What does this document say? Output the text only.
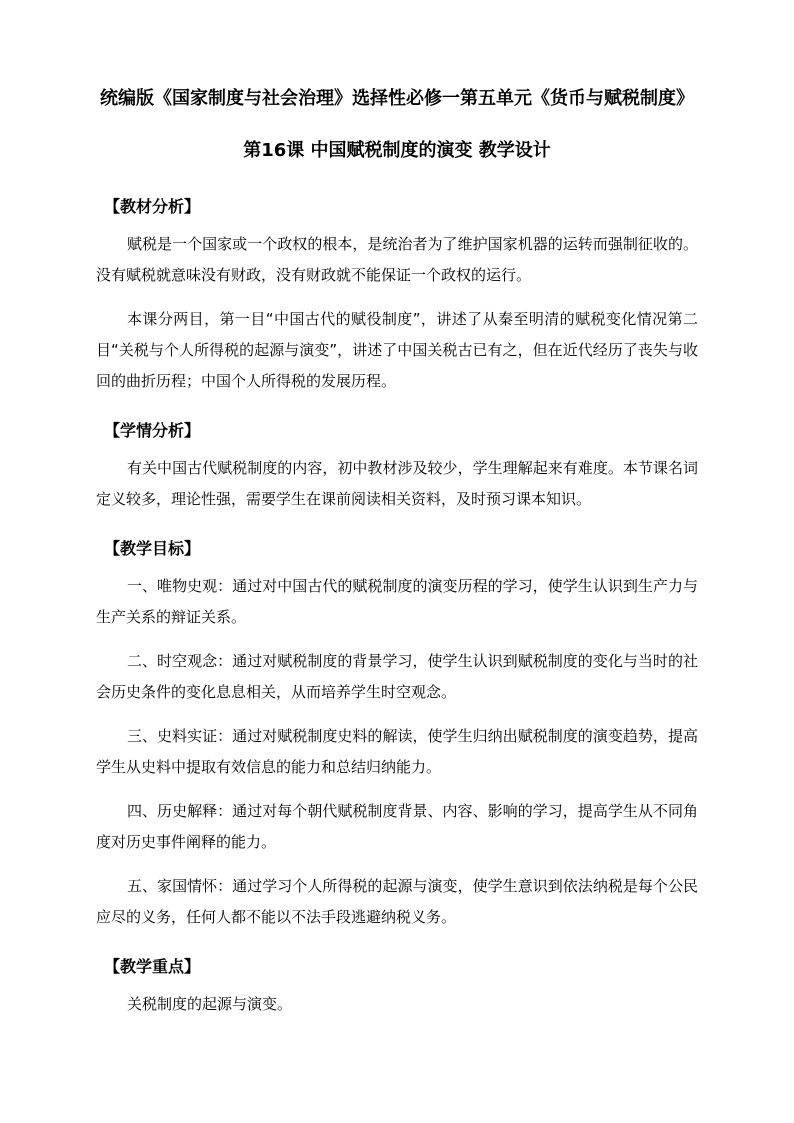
统编版《国家制度与社会治理》选择性必修一第五单元《货币与赋税制度》

第16课 中国赋税制度的演变 教学设计

【教材分析】

赋税是一个国家或一个政权的根本，是统治者为了维护国家机器的运转而强制征收的。没有赋税就意味没有财政，没有财政就不能保证一个政权的运行。

本课分两目，第一目“中国古代的赋役制度”，讲述了从秦至明清的赋税变化情况第二目“关税与个人所得税的起源与演变”，讲述了中国关税古已有之，但在近代经历了丧失与收回的曲折历程；中国个人所得税的发展历程。

【学情分析】

有关中国古代赋税制度的内容，初中教材涉及较少，学生理解起来有难度。本节课名词定义较多，理论性强，需要学生在课前阅读相关资料，及时预习课本知识。

【教学目标】

一、唯物史观：通过对中国古代的赋税制度的演变历程的学习，使学生认识到生产力与生产关系的辩证关系。

二、时空观念：通过对赋税制度的背景学习，使学生认识到赋税制度的变化与当时的社会历史条件的变化息息相关，从而培养学生时空观念。

三、史料实证：通过对赋税制度史料的解读，使学生归纳出赋税制度的演变趋势，提高学生从史料中提取有效信息的能力和总结归纳能力。

四、历史解释：通过对每个朝代赋税制度背景、内容、影响的学习，提高学生从不同角度对历史事件阐释的能力。

五、家国情怀：通过学习个人所得税的起源与演变，使学生意识到依法纳税是每个公民应尽的义务，任何人都不能以不法手段逃避纳税义务。

【教学重点】

关税制度的起源与演变。
